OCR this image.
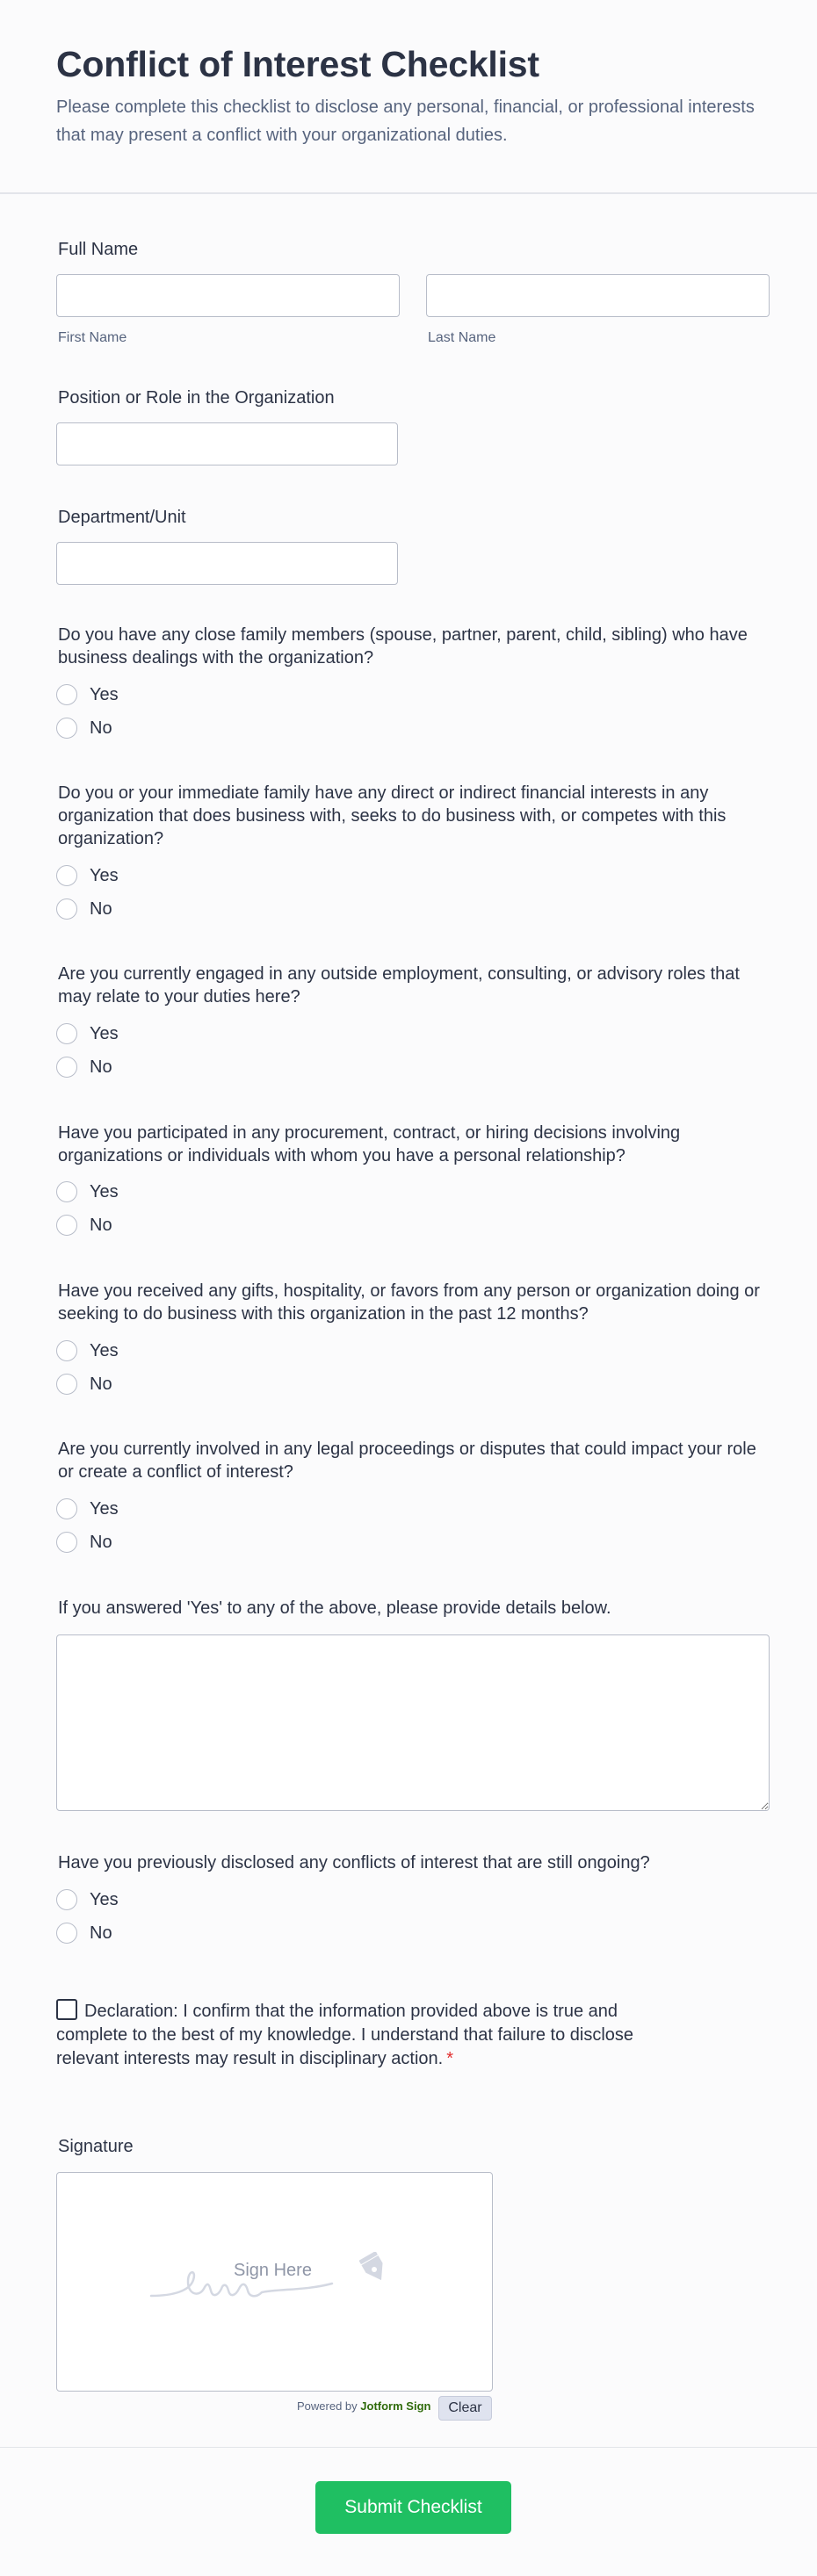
Conflict of Interest Checklist
Please complete this checklist to disclose any personal, financial, or professional interests that may present a conflict with your organizational duties.
Full Name
First Name	Last Name
Position or Role in the Organization
Department/Unit
Do you have any close family members (spouse, partner, parent, child, sibling) who have business dealings with the organization?
Yes
No
Do you or your immediate family have any direct or indirect financial interests in any organization that does business with, seeks to do business with, or competes with this organization?
Yes
No
Are you currently engaged in any outside employment, consulting, or advisory roles that may relate to your duties here?
Yes
No
Have you participated in any procurement, contract, or hiring decisions involving organizations or individuals with whom you have a personal relationship?
Yes
No
Have you received any gifts, hospitality, or favors from any person or organization doing or seeking to do business with this organization in the past 12 months?
Yes
No
Are you currently involved in any legal proceedings or disputes that could impact your role or create a conflict of interest?
Yes
No
If you answered 'Yes' to any of the above, please provide details below.
Have you previously disclosed any conflicts of interest that are still ongoing?
Yes
No
Declaration: I confirm that the information provided above is true and complete to the best of my knowledge. I understand that failure to disclose relevant interests may result in disciplinary action. *
Signature
Sign Here
Powered by Jotform Sign	Clear
Submit Checklist
